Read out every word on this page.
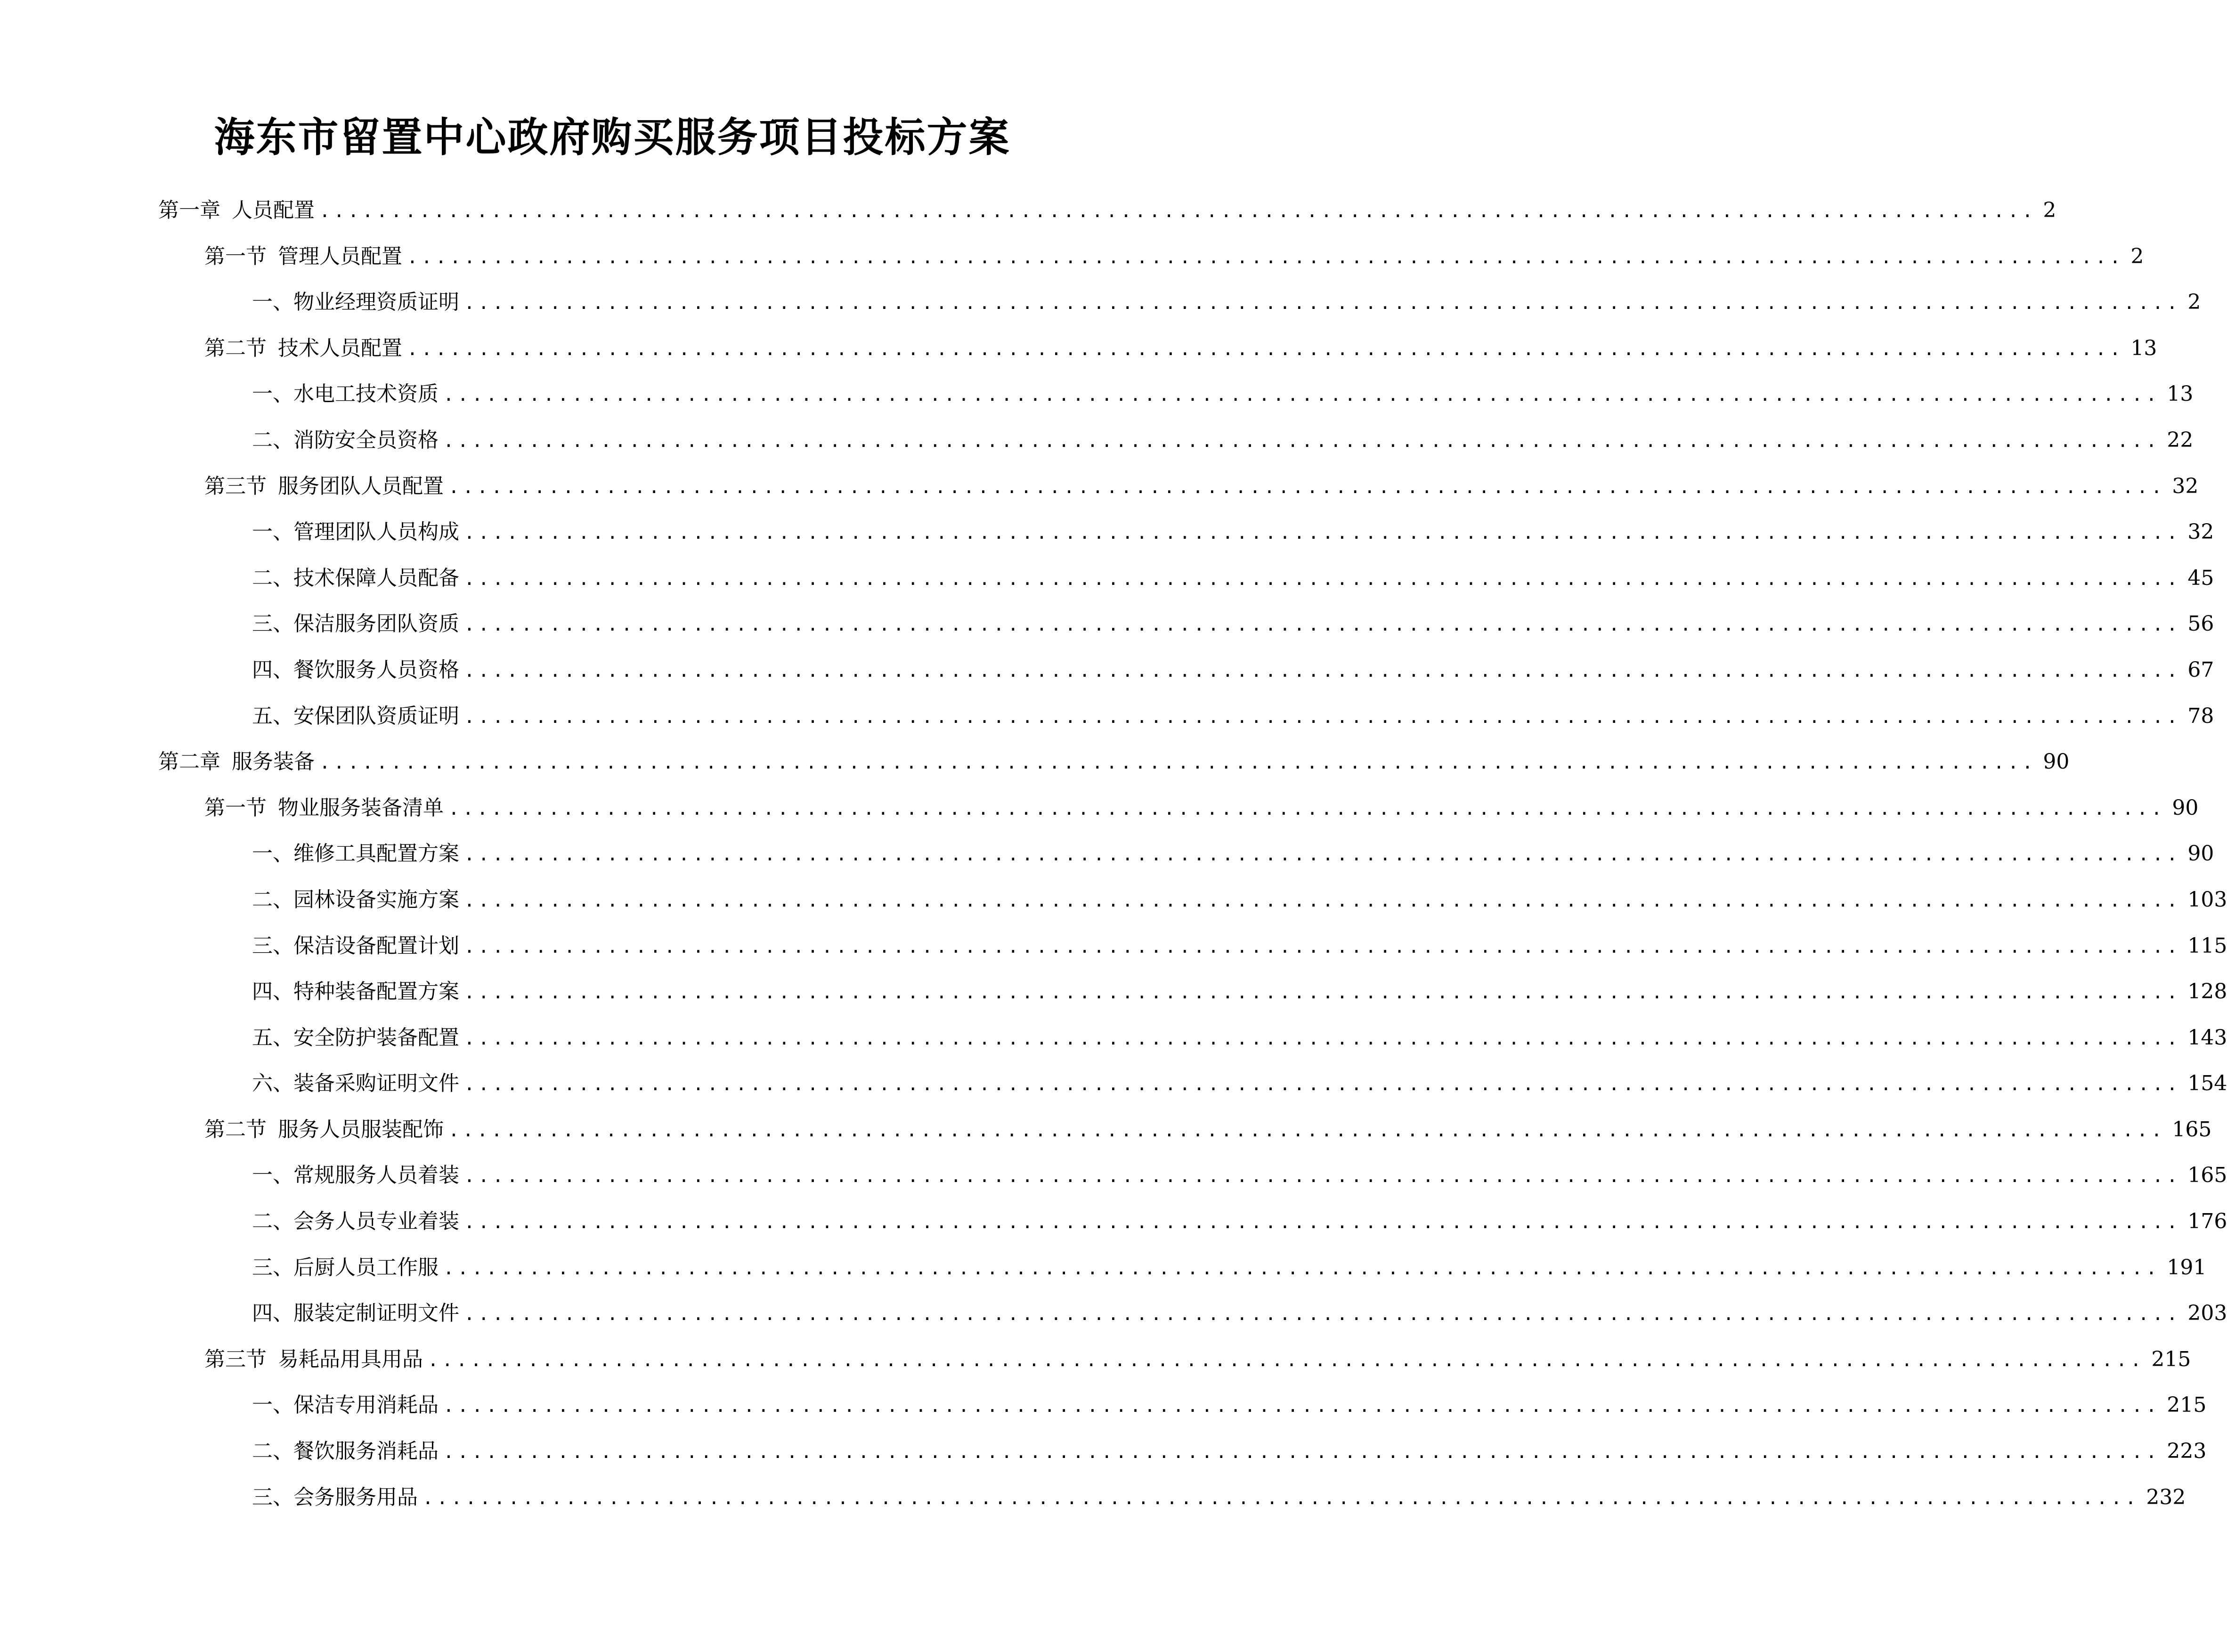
海东市留置中心政府购买服务项目投标方案
第一章 人员配置 ........................................................................................................................ 2
第一节 管理人员配置 ........................................................................................................................ 2
一、 物业经理资质证明 ........................................................................................................................ 2
第二节 技术人员配置 ........................................................................................................................ 13
一、 水电工技术资质 ........................................................................................................................ 13
二、 消防安全员资格 ........................................................................................................................ 22
第三节 服务团队人员配置 ........................................................................................................................ 32
一、 管理团队人员构成 ........................................................................................................................ 32
二、 技术保障人员配备 ........................................................................................................................ 45
三、 保洁服务团队资质 ........................................................................................................................ 56
四、 餐饮服务人员资格 ........................................................................................................................ 67
五、 安保团队资质证明 ........................................................................................................................ 78
第二章 服务装备 ........................................................................................................................ 90
第一节 物业服务装备清单 ........................................................................................................................ 90
一、 维修工具配置方案 ........................................................................................................................ 90
二、 园林设备实施方案 ........................................................................................................................ 103
三、 保洁设备配置计划 ........................................................................................................................ 115
四、 特种装备配置方案 ........................................................................................................................ 128
五、 安全防护装备配置 ........................................................................................................................ 143
六、 装备采购证明文件 ........................................................................................................................ 154
第二节 服务人员服装配饰 ........................................................................................................................ 165
一、 常规服务人员着装 ........................................................................................................................ 165
二、 会务人员专业着装 ........................................................................................................................ 176
三、 后厨人员工作服 ........................................................................................................................ 191
四、 服装定制证明文件 ........................................................................................................................ 203
第三节 易耗品用具用品 ........................................................................................................................ 215
一、 保洁专用消耗品 ........................................................................................................................ 215
二、 餐饮服务消耗品 ........................................................................................................................ 223
三、 会务服务用品 ........................................................................................................................ 232
